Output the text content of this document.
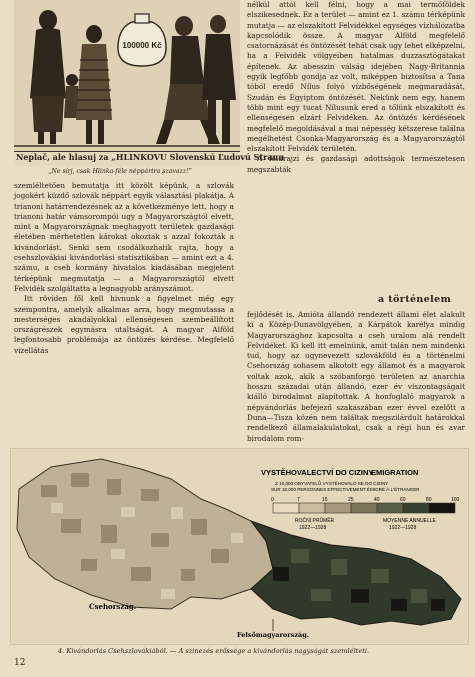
100000 Kč
Neplač, ale hlasuj za „HLINKOVU Slovenskú Ľudovú Stranu
„Ne sírj, csak Hlinka-féle néppártra szavazz!”

szemléltetően bemutatja itt közölt képünk, a szlovák jogokért küzdő szlovák néppárt egyik választási plakátja. A trianoni határrendezésnek az a következménye lett, hogy a trianoni határ vámsorompói ugy a Magyarországtól elvett, mint a Magyarországnak meghagyott területek gazdasági életében mérhetetlen károkat okoztak s azzal fokozták a kivándorlást. Senki sem csodálkozhatik rajta, hogy a csehszlovákiai kivándorlási statisztikában — amint ezt a 4. számu, a cseh kormány hivatalos kiadásában megjelent térképünk megmutatja — a Magyarországtól elvett Felvidék szolgáltatta a legnagyobb arányszámot.

Itt röviden fől kell hivnunk a figyelmet még egy szempontra, amelyik alkalmas arra, hogy megmutassa a mesterséges akadályokkal ellenségesen szembeállított országrészek egymásra utaltságát. A magyar Alföld legfontosabb problémája az öntözés kérdése. Megfelelő vizellátás

nélkül attól kell félni, hogy a mai termőföldek elszikesednek. Ez a terület — amint ez 1. számu térképünk mutatja — az elszakított Felvidékkel egységes vízhálózatba kapcsolódik össze. A magyar Alföld megfelelő csatornázását és öntözését tehát csak ugy lehet elképzelni, ha a Felvidék völgyeiben hatalmas duzzasztógátakat építenek. Az abesszin válság idejében Nagy-Britannia egyik legfőbb gondja az volt, miképpen biztosítsa a Tana tóból eredő Nílus folyó vízbőségének megmaradását, Szudán és Egyiptom öntözését. Nekünk nem egy, hanem több mint egy tucat Nílusunk ered a tőlünk elszakított és ellenségesen elzárt Felvidéken. Az öntözés kérdésének megfelelő megoldásával a mai népesség kétszerese találna megélhetést Csonka-Magyarország és a Magyarországtól elszakított Felvidék területén.

A földrajzi és gazdasági adottságok természetesen megszabták

a történelem

fejlődését is. Amióta állandó rendezett állami élet alakult ki a Közép-Dunavölgyében, a Kárpátok karélya mindig Magyarországhoz kapcsolta a cseh uralom alá rendelt Felvidéket. Ki kell itt emelnünk, amit talán nem mindenki tud, hogy az ugynevezett szlovákföld és a történelmi Csehország sohasem alkotott egy államot és a magyarok voltak azok, akik a szóbanforgó területen az anarchia hosszu századai után állandó, ezer év viszontagságait kiálló birodalmat alapítottak. A honfoglaló magyarok a népvándorlás befejező szakaszában ezer évvel ezelőtt a Duna—Tisza közén nem találtak megszilárdult határokkal rendelkező államalakulatokat, csak a régi hun és avar birodalom rom-

VYSTĚHOVALECTVÍ DO CIZINY
EMIGRATION
Z 10.000 OBYVATELŮ VYSTĚHOVALO SE DO CIZINY
SUR 10.000 PERSONNES EFFECTIVEMENT ÉMIGRÉ À L'ÉTRANGER
0	7	15	25	40	60	80	100
ROČNÍ PRŮMĚR	MOYENNE ANNUELLE
1922—1928	1922—1928
Csehország.
Felsőmagyarország.
4. Kivándorlás Csehszlovákiából. — A szinezés erőssége a kivándorlás nagyságát szemlélteti.
12
